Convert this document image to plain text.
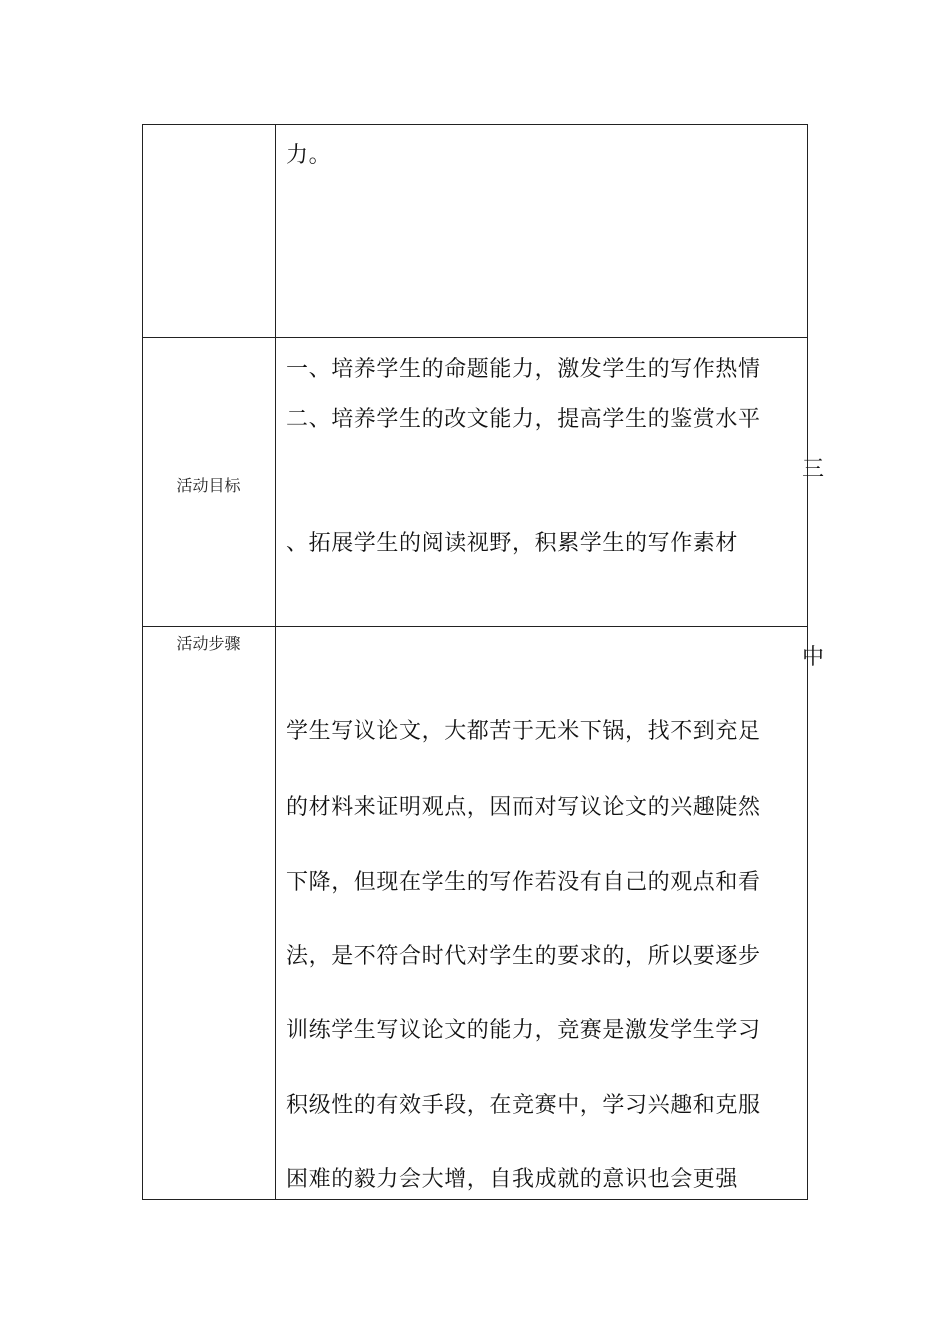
力。
活动目标
一、培养学生的命题能力，激发学生的写作热情
二、培养学生的改文能力，提高学生的鉴赏水平
、拓展学生的阅读视野，积累学生的写作素材
活动步骤
学生写议论文，大都苦于无米下锅，找不到充足
的材料来证明观点，因而对写议论文的兴趣陡然
下降，但现在学生的写作若没有自己的观点和看
法，是不符合时代对学生的要求的，所以要逐步
训练学生写议论文的能力，竞赛是激发学生学习
积级性的有效手段，在竞赛中，学习兴趣和克服
困难的毅力会大增，自我成就的意识也会更强
三
中
